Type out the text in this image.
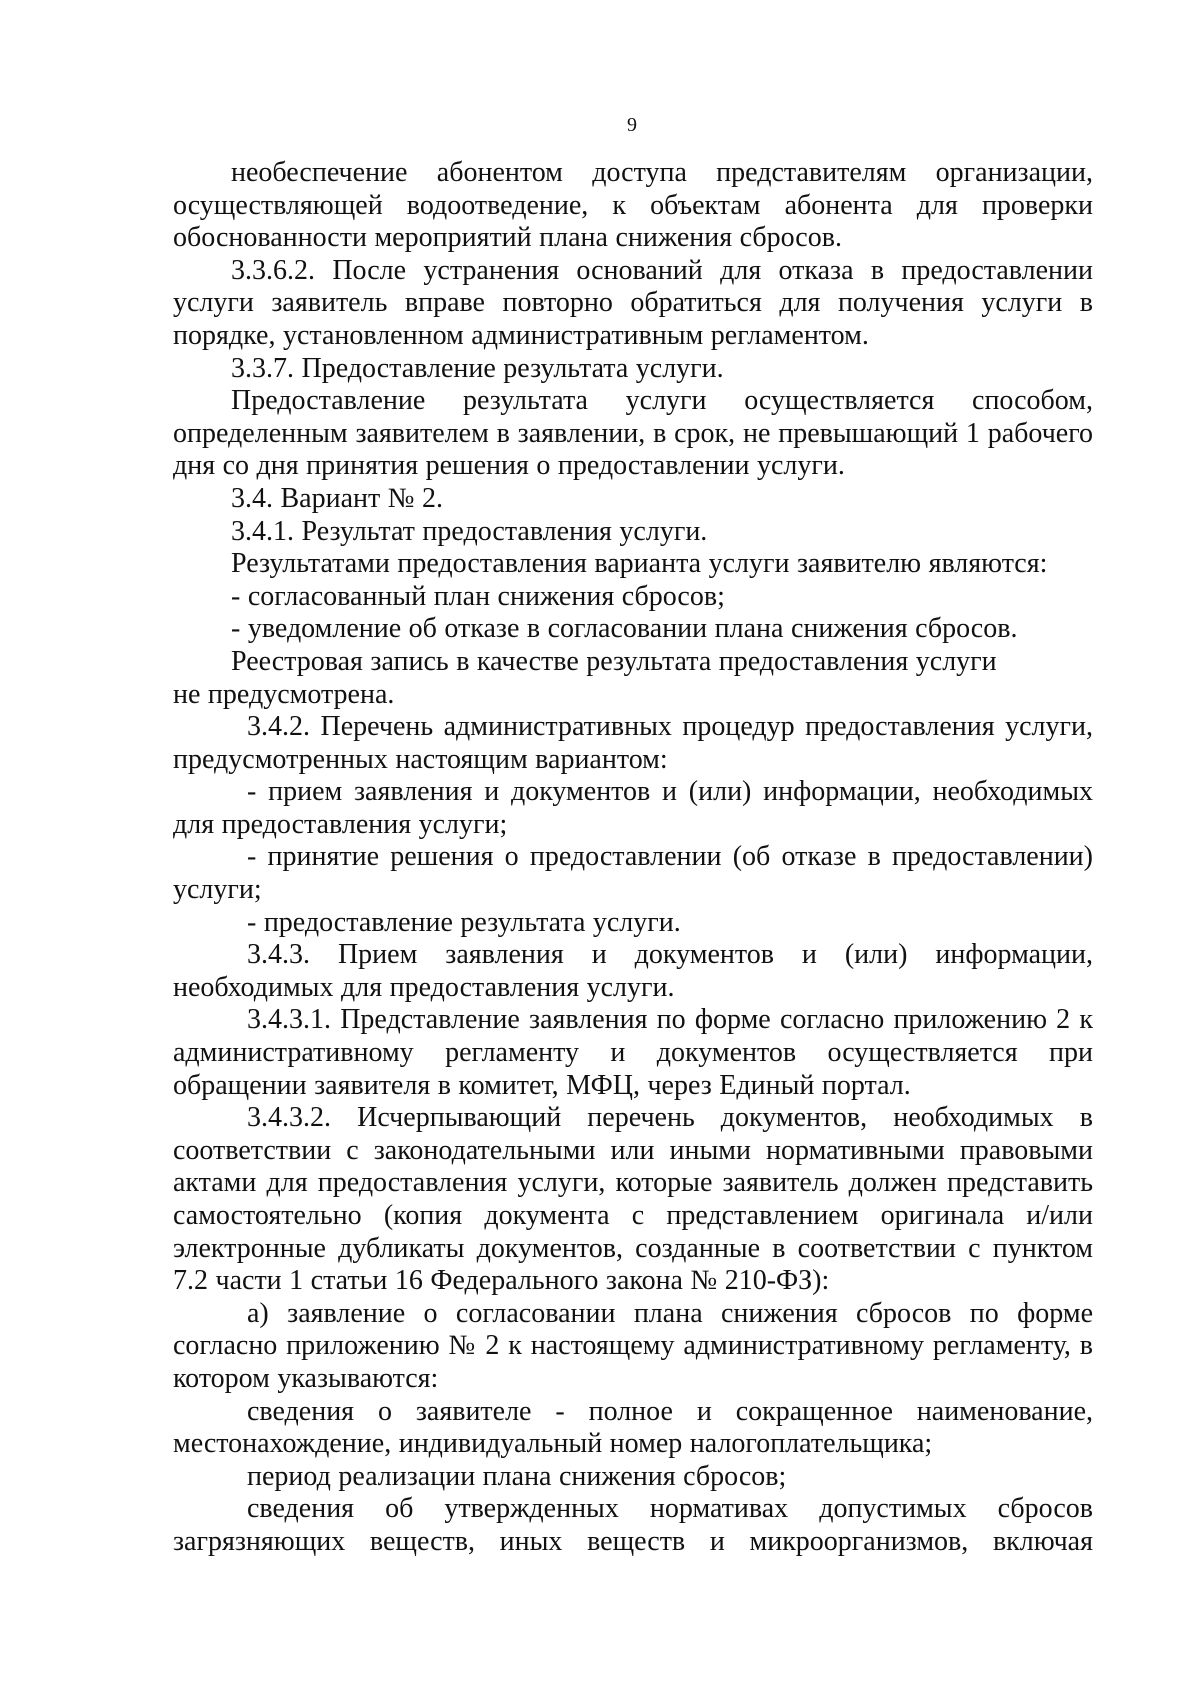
9

необеспечение абонентом доступа представителям организации, осуществляющей водоотведение, к объектам абонента для проверки обоснованности мероприятий плана снижения сбросов.

3.3.6.2. После устранения оснований для отказа в предоставлении услуги заявитель вправе повторно обратиться для получения услуги в порядке, установленном административным регламентом.

3.3.7. Предоставление результата услуги.

Предоставление результата услуги осуществляется способом, определенным заявителем в заявлении, в срок, не превышающий 1 рабочего дня со дня принятия решения о предоставлении услуги.

3.4. Вариант № 2.

3.4.1. Результат предоставления услуги.

Результатами предоставления варианта услуги заявителю являются:

- согласованный план снижения сбросов;

- уведомление об отказе в согласовании плана снижения сбросов.

Реестровая запись в качестве результата предоставления услуги

не предусмотрена.

3.4.2. Перечень административных процедур предоставления услуги, предусмотренных настоящим вариантом:

- прием заявления и документов и (или) информации, необходимых для предоставления услуги;

- принятие решения о предоставлении (об отказе в предоставлении) услуги;

- предоставление результата услуги.

3.4.3. Прием заявления и документов и (или) информации, необходимых для предоставления услуги.

3.4.3.1. Представление заявления по форме согласно приложению 2 к административному регламенту и документов осуществляется при обращении заявителя в комитет, МФЦ, через Единый портал.

3.4.3.2. Исчерпывающий перечень документов, необходимых в соответствии с законодательными или иными нормативными правовыми актами для предоставления услуги, которые заявитель должен представить самостоятельно (копия документа с представлением оригинала и/или электронные дубликаты документов, созданные в соответствии с пунктом 7.2 части 1 статьи 16 Федерального закона № 210-ФЗ):

а) заявление о согласовании плана снижения сбросов по форме согласно приложению № 2 к настоящему административному регламенту, в котором указываются:

сведения о заявителе - полное и сокращенное наименование, местонахождение, индивидуальный номер налогоплательщика;

период реализации плана снижения сбросов;

сведения об утвержденных нормативах допустимых сбросов загрязняющих веществ, иных веществ и микроорганизмов, включая
